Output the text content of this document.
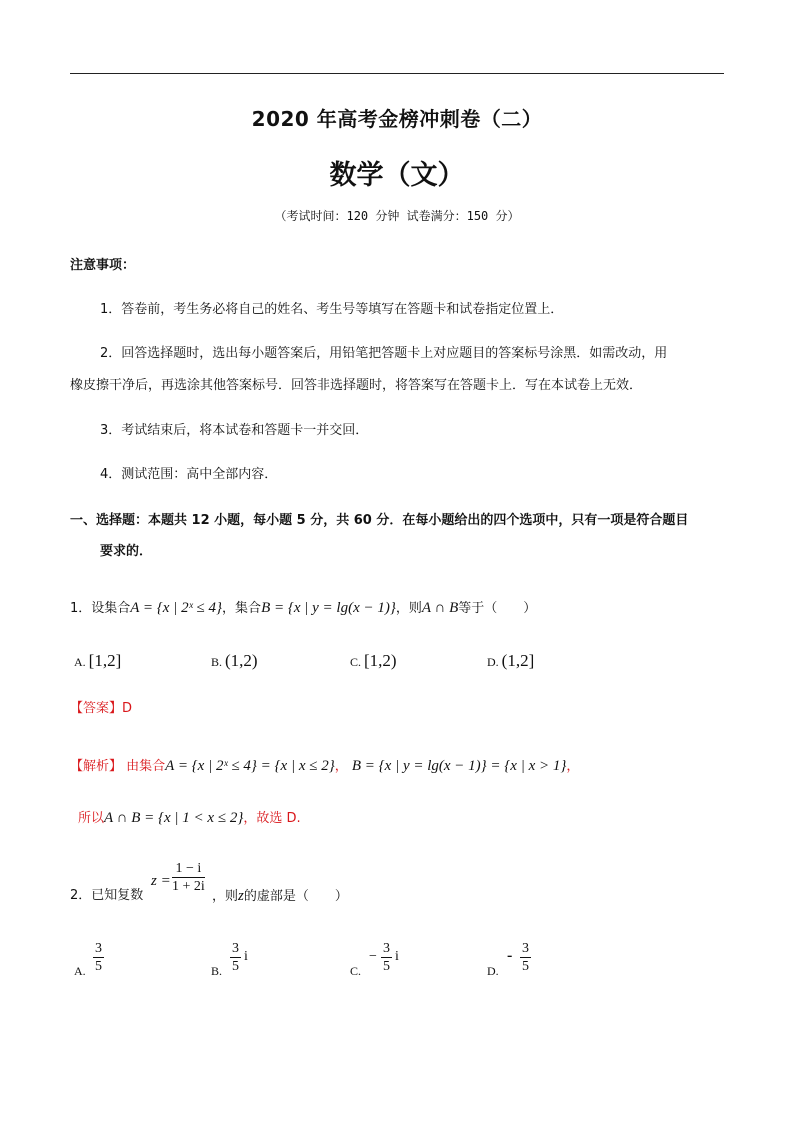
2020 年高考金榜冲刺卷（二）
数学（文）
（考试时间：120 分钟 试卷满分：150 分）
注意事项：
1．答卷前，考生务必将自己的姓名、考生号等填写在答题卡和试卷指定位置上．
2．回答选择题时，选出每小题答案后，用铅笔把答题卡上对应题目的答案标号涂黑．如需改动，用
橡皮擦干净后，再选涂其他答案标号．回答非选择题时，将答案写在答题卡上．写在本试卷上无效．
3．考试结束后，将本试卷和答题卡一并交回．
4．测试范围：高中全部内容．
一、选择题：本题共 12 小题，每小题 5 分，共 60 分．在每小题给出的四个选项中，只有一项是符合题目
要求的．
1．设集合A = {x | 2ˣ ≤ 4}，集合B = {x | y = lg(x − 1)}，则A ∩ B等于（　　）
A. [1,2]	B. (1,2)	C. [1,2)	D. (1,2]
【答案】D
【解析】 由集合A = {x | 2ˣ ≤ 4} = {x | x ≤ 2}， B = {x | y = lg(x − 1)} = {x | x > 1}，
所以A ∩ B = {x | 1 < x ≤ 2}，故选 D.
2．已知复数
$z = \frac{1 - i}{1 + 2i}$
，则z的虚部是（　　）
A. $\frac{3}{5}$	B. $\frac{3}{5}$ i
C.
− $\frac{3}{5}$ i
D.
- $\frac{3}{5}$
